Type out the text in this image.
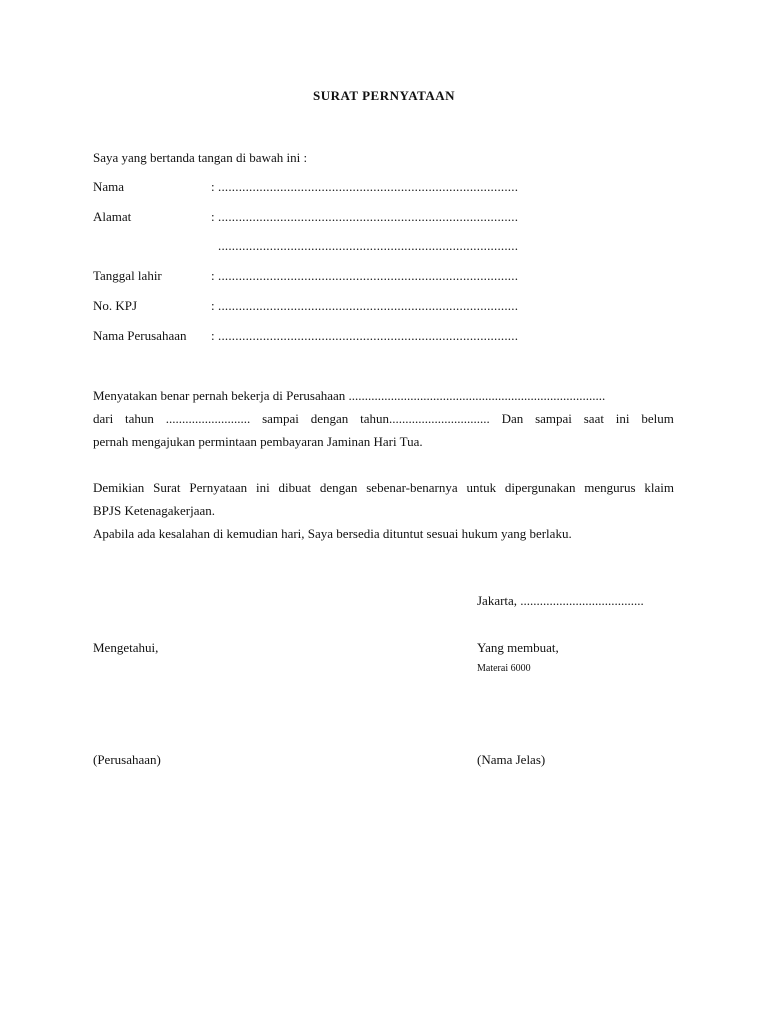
SURAT PERNYATAAN
Saya yang bertanda tangan di bawah ini :
Nama	: .......................................................................................
Alamat	: .......................................................................................
.......................................................................................
Tanggal lahir	: .......................................................................................
No. KPJ	: .......................................................................................
Nama Perusahaan : .......................................................................................
Menyatakan benar pernah bekerja di Perusahaan ...............................................................................
dari tahun .......................... sampai dengan tahun............................... Dan sampai saat ini belum
pernah mengajukan permintaan pembayaran Jaminan Hari Tua.
Demikian Surat Pernyataan ini dibuat dengan sebenar-benarnya untuk dipergunakan mengurus klaim
BPJS Ketenagakerjaan.
Apabila ada kesalahan di kemudian hari, Saya bersedia dituntut sesuai hukum yang berlaku.
Jakarta, ......................................
Mengetahui,	Yang membuat,
Materai 6000
(Perusahaan)	(Nama Jelas)
